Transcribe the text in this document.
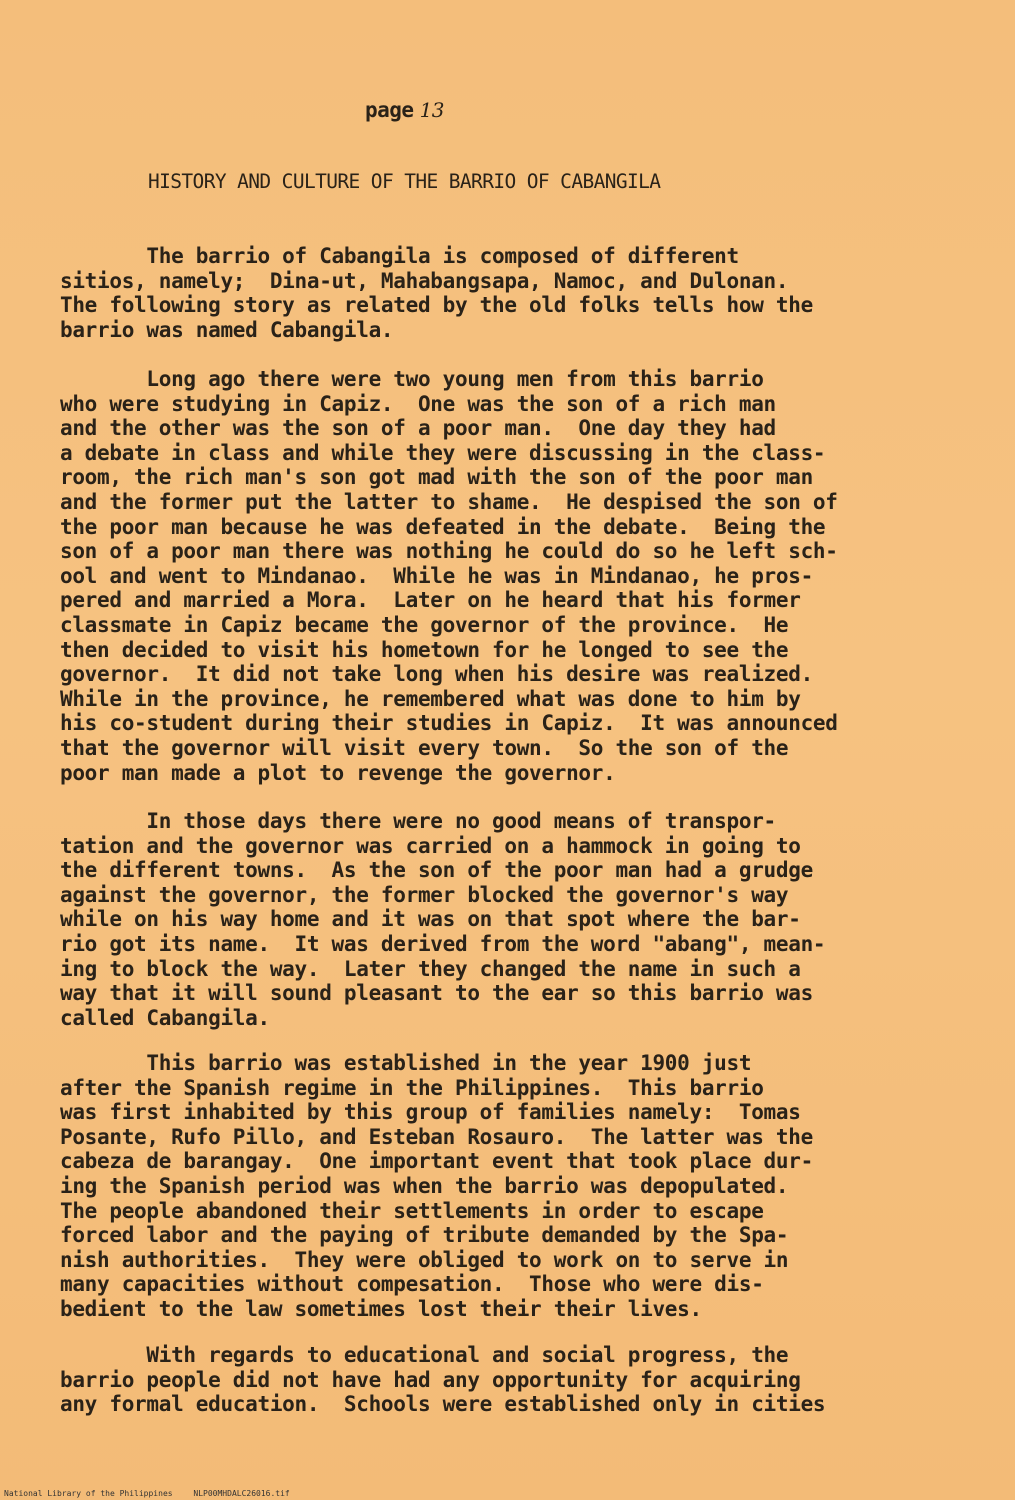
page 13
HISTORY AND CULTURE OF THE BARRIO OF CABANGILA
The barrio of Cabangila is composed of different
sitios, namely;  Dina-ut, Mahabangsapa, Namoc, and Dulonan.
The following story as related by the old folks tells how the
barrio was named Cabangila.
Long ago there were two young men from this barrio
who were studying in Capiz.  One was the son of a rich man
and the other was the son of a poor man.  One day they had
a debate in class and while they were discussing in the class-
room, the rich man's son got mad with the son of the poor man
and the former put the latter to shame.  He despised the son of
the poor man because he was defeated in the debate.  Being the
son of a poor man there was nothing he could do so he left sch-
ool and went to Mindanao.  While he was in Mindanao, he pros-
pered and married a Mora.  Later on he heard that his former
classmate in Capiz became the governor of the province.  He
then decided to visit his hometown for he longed to see the
governor.  It did not take long when his desire was realized.
While in the province, he remembered what was done to him by
his co-student during their studies in Capiz.  It was announced
that the governor will visit every town.  So the son of the
poor man made a plot to revenge the governor.
In those days there were no good means of transpor-
tation and the governor was carried on a hammock in going to
the different towns.  As the son of the poor man had a grudge
against the governor, the former blocked the governor's way
while on his way home and it was on that spot where the bar-
rio got its name.  It was derived from the word "abang", mean-
ing to block the way.  Later they changed the name in such a
way that it will sound pleasant to the ear so this barrio was
called Cabangila.
This barrio was established in the year 1900 just
after the Spanish regime in the Philippines.  This barrio
was first inhabited by this group of families namely:  Tomas
Posante, Rufo Pillo, and Esteban Rosauro.  The latter was the
cabeza de barangay.  One important event that took place dur-
ing the Spanish period was when the barrio was depopulated.
The people abandoned their settlements in order to escape
forced labor and the paying of tribute demanded by the Spa-
nish authorities.  They were obliged to work on to serve in
many capacities without compesation.  Those who were dis-
bedient to the law sometimes lost their their lives.
With regards to educational and social progress, the
barrio people did not have had any opportunity for acquiring
any formal education.  Schools were established only in cities
National Library of the Philippines	NLP00MHDALC26016.tif
